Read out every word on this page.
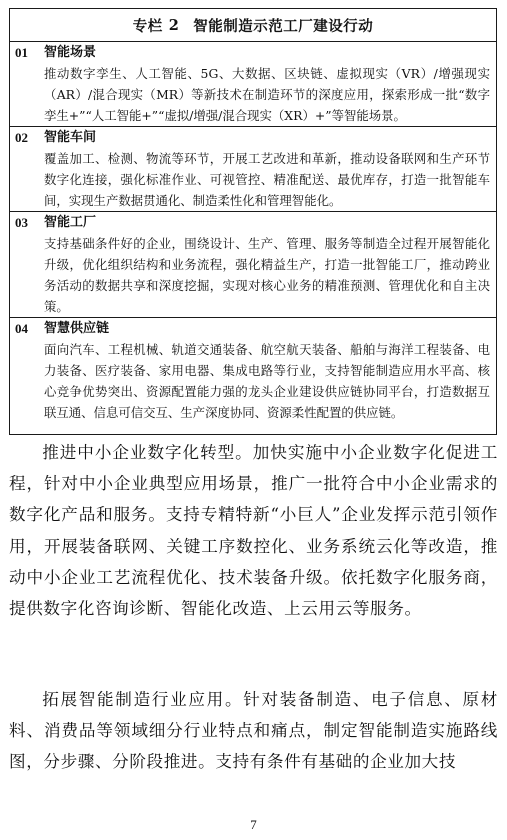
专栏 2 智能制造示范工厂建设行动
01	智能场景
推动数字孪生、人工智能、5G、大数据、区块链、虚拟现实（VR）/增强现实（AR）/混合现实（MR）等新技术在制造环节的深度应用，探索形成一批“数字孪生+”“人工智能+”“虚拟/增强/混合现实（XR）+”等智能场景。
02	智能车间
覆盖加工、检测、物流等环节，开展工艺改进和革新，推动设备联网和生产环节数字化连接，强化标准作业、可视管控、精准配送、最优库存，打造一批智能车间，实现生产数据贯通化、制造柔性化和管理智能化。
03	智能工厂
支持基础条件好的企业，围绕设计、生产、管理、服务等制造全过程开展智能化升级，优化组织结构和业务流程，强化精益生产，打造一批智能工厂，推动跨业务活动的数据共享和深度挖掘，实现对核心业务的精准预测、管理优化和自主决策。
04	智慧供应链
面向汽车、工程机械、轨道交通装备、航空航天装备、船舶与海洋工程装备、电力装备、医疗装备、家用电器、集成电路等行业，支持智能制造应用水平高、核心竞争优势突出、资源配置能力强的龙头企业建设供应链协同平台，打造数据互联互通、信息可信交互、生产深度协同、资源柔性配置的供应链。

推进中小企业数字化转型。加快实施中小企业数字化促进工程，针对中小企业典型应用场景，推广一批符合中小企业需求的数字化产品和服务。支持专精特新“小巨人”企业发挥示范引领作用，开展装备联网、关键工序数控化、业务系统云化等改造，推动中小企业工艺流程优化、技术装备升级。依托数字化服务商，提供数字化咨询诊断、智能化改造、上云用云等服务。

拓展智能制造行业应用。针对装备制造、电子信息、原材料、消费品等领域细分行业特点和痛点，制定智能制造实施路线图，分步骤、分阶段推进。支持有条件有基础的企业加大技

7
